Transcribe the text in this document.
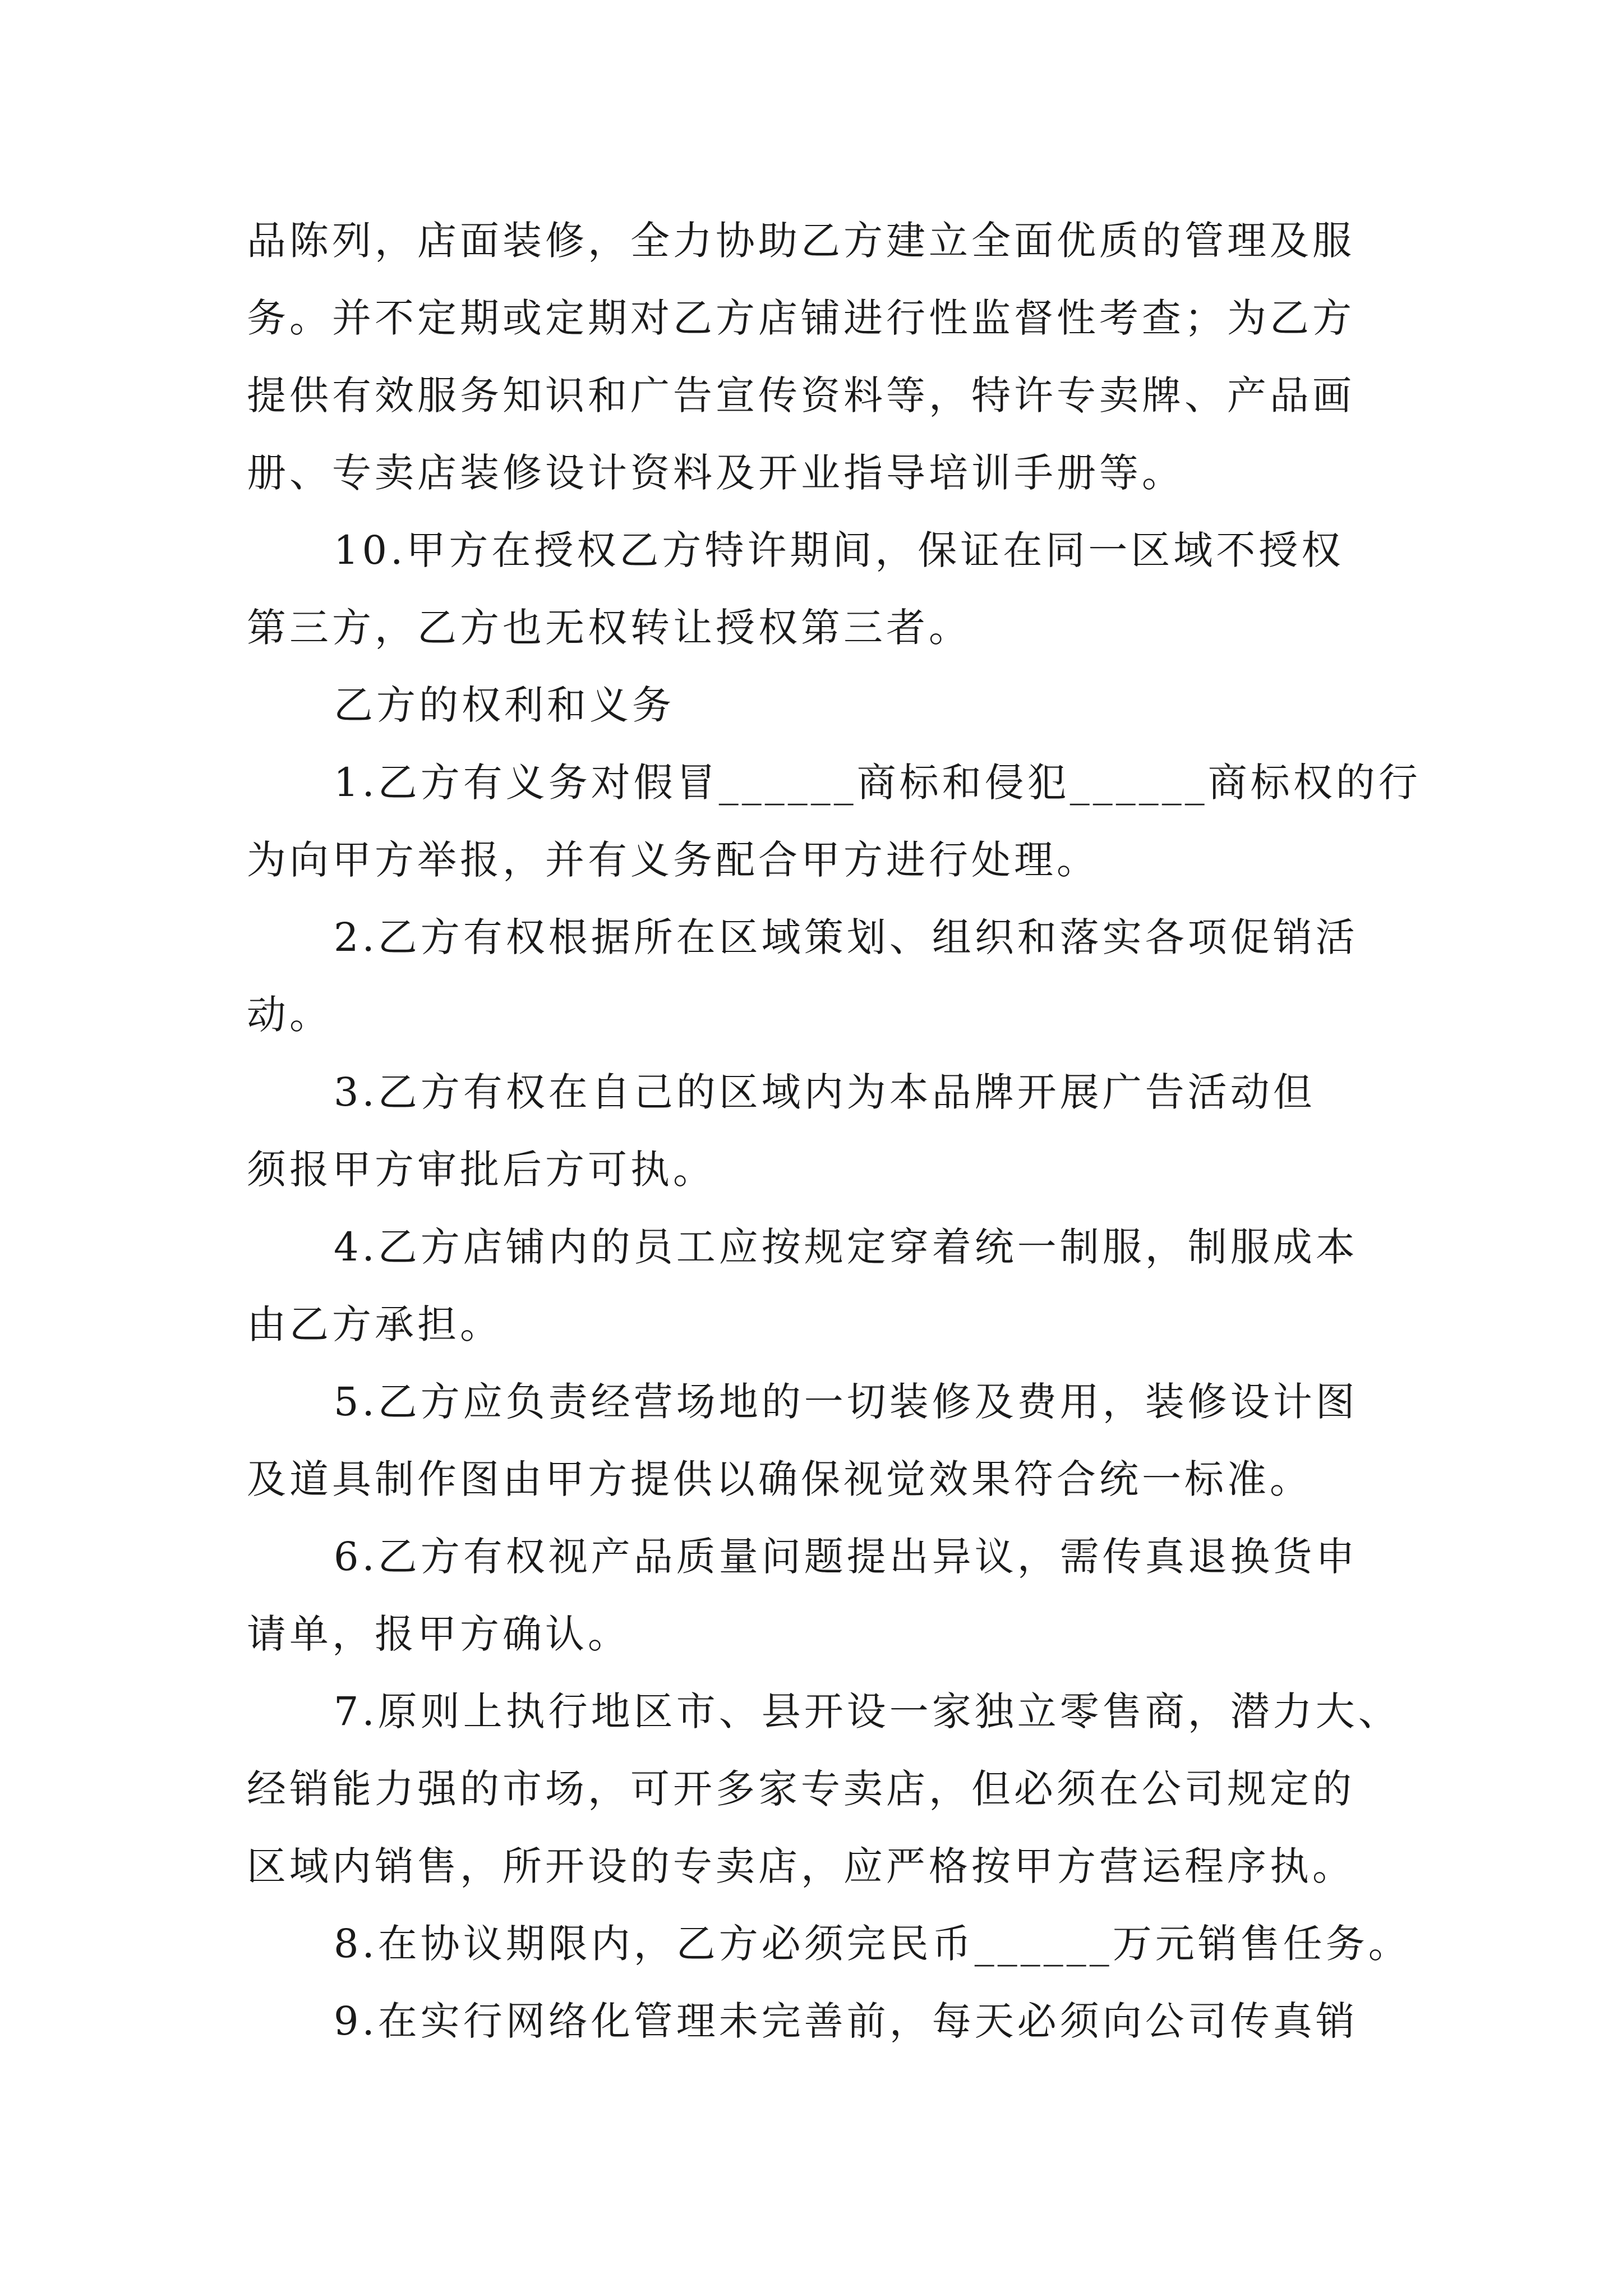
品陈列，店面装修，全力协助乙方建立全面优质的管理及服
务。并不定期或定期对乙方店铺进行性监督性考查；为乙方
提供有效服务知识和广告宣传资料等，特许专卖牌、产品画
册、专卖店装修设计资料及开业指导培训手册等。
10.甲方在授权乙方特许期间，保证在同一区域不授权
第三方，乙方也无权转让授权第三者。
乙方的权利和义务
1.乙方有义务对假冒______商标和侵犯______商标权的行
为向甲方举报，并有义务配合甲方进行处理。
2.乙方有权根据所在区域策划、组织和落实各项促销活
动。
3.乙方有权在自己的区域内为本品牌开展广告活动但
须报甲方审批后方可执。
4.乙方店铺内的员工应按规定穿着统一制服，制服成本
由乙方承担。
5.乙方应负责经营场地的一切装修及费用，装修设计图
及道具制作图由甲方提供以确保视觉效果符合统一标准。
6.乙方有权视产品质量问题提出异议，需传真退换货申
请单，报甲方确认。
7.原则上执行地区市、县开设一家独立零售商，潜力大、
经销能力强的市场，可开多家专卖店，但必须在公司规定的
区域内销售，所开设的专卖店，应严格按甲方营运程序执。
8.在协议期限内，乙方必须完民币______万元销售任务。
9.在实行网络化管理未完善前，每天必须向公司传真销
